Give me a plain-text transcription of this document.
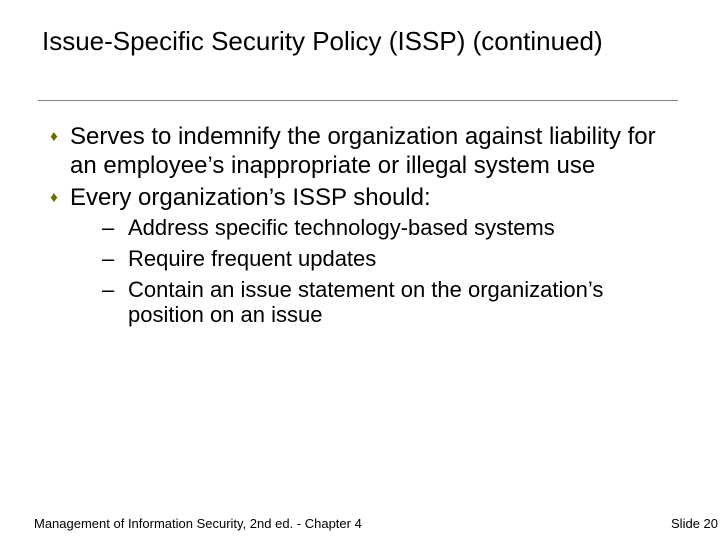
Issue-Specific Security Policy (ISSP) (continued)
♦ Serves to indemnify the organization against liability for an employee’s inappropriate or illegal system use
♦ Every organization’s ISSP should:
– Address specific technology-based systems
– Require frequent updates
– Contain an issue statement on the organization’s position on an issue
Management of Information Security, 2nd ed. - Chapter 4	Slide 20
